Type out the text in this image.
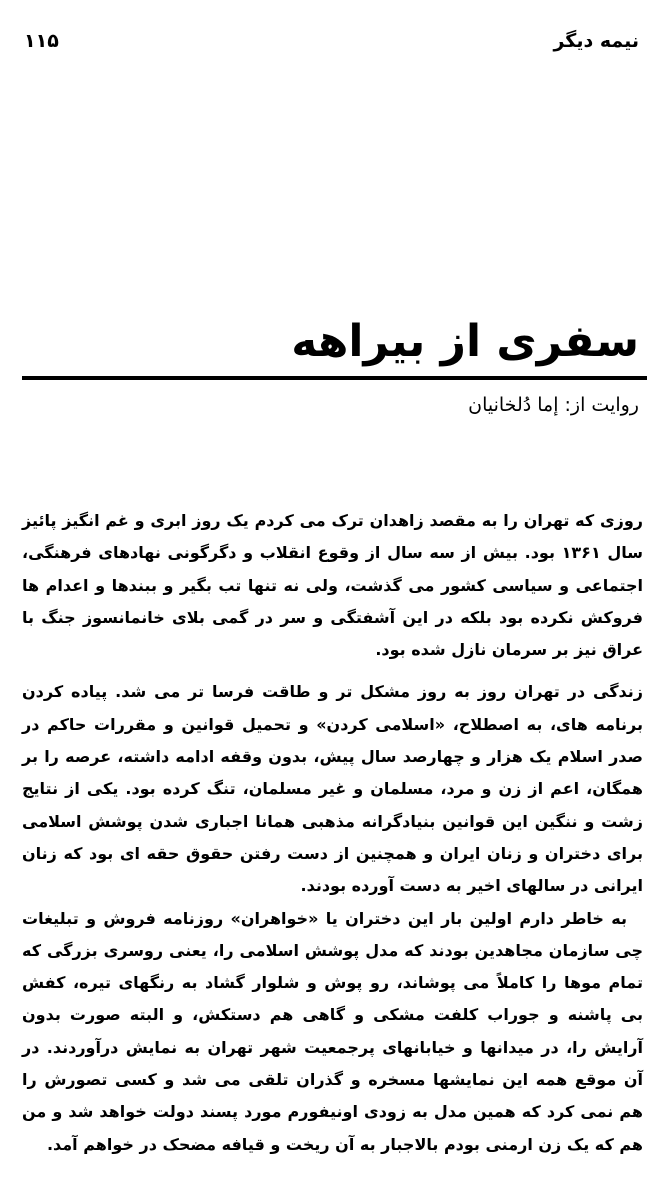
نیمه دیگر
۱۱۵
سفری از بیراهه
روایت از: إما دُلخانیان

روزی که تهران را به مقصد زاهدان ترک می کردم یک روز ابری و غم انگیز پائیز سال ۱۳۶۱ بود. بیش از سه سال از وقوع انقلاب و دگرگونی نهادهای فرهنگی، اجتماعی و سیاسی کشور می گذشت، ولی نه تنها تب بگیر و ببندها و اعدام ها فروکش نکرده بود بلکه در این آشفتگی و سر در گمی بلای خانمانسوز جنگ با عراق نیز بر سرمان نازل شده بود.

زندگی در تهران روز به روز مشکل تر و طاقت فرسا تر می شد. پیاده کردن برنامه های، به اصطلاح، «اسلامی کردن» و تحمیل قوانین و مقررات حاکم در صدر اسلام یک هزار و چهارصد سال پیش، بدون وقفه ادامه داشته، عرصه را بر همگان، اعم از زن و مرد، مسلمان و غیر مسلمان، تنگ کرده بود. یکی از نتایج زشت و ننگین این قوانین بنیادگرانه مذهبی همانا اجباری شدن پوشش اسلامی برای دختران و زنان ایران و همچنین از دست رفتن حقوق حقه ای بود که زنان ایرانی در سالهای اخیر به دست آورده بودند.

به خاطر دارم اولین بار این دختران یا «خواهران» روزنامه فروش و تبلیغات چی سازمان مجاهدین بودند که مدل پوشش اسلامی را، یعنی روسری بزرگی که تمام موها را کاملاً می پوشاند، رو پوش و شلوار گشاد به رنگهای تیره، کفش بی پاشنه و جوراب کلفت مشکی و گاهی هم دستکش، و البته صورت بدون آرایش را، در میدانها و خیابانهای پرجمعیت شهر تهران به نمایش درآوردند. در آن موقع همه این نمایشها مسخره و گذران تلقی می شد و کسی تصورش را هم نمی کرد که همین مدل به زودی اونیفورم مورد پسند دولت خواهد شد و من هم که یک زن ارمنی بودم بالاجبار به آن ریخت و قیافه مضحک در خواهم آمد.
